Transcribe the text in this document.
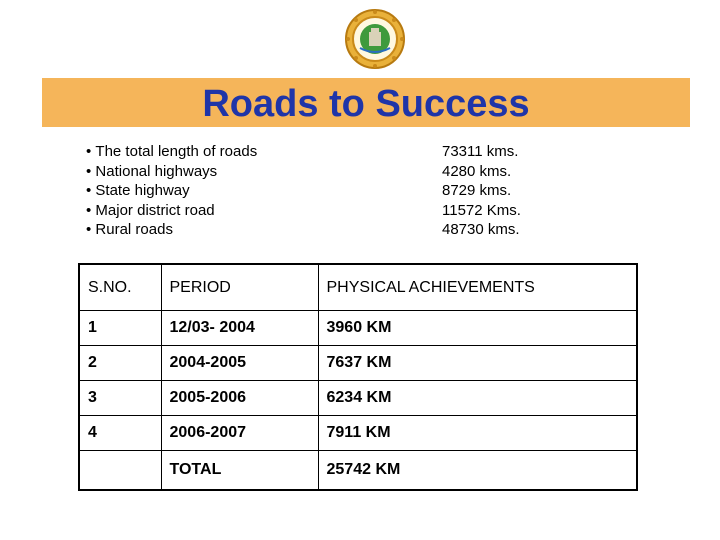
Roads to Success
• The total length of roads	73311 kms.
• National highways	4280 kms.
• State highway	8729 kms.
• Major district road	11572 Kms.
• Rural roads	48730 kms.
S.NO.	PERIOD	PHYSICAL ACHIEVEMENTS
1	12/03- 2004	3960 KM
2	2004-2005	7637 KM
3	2005-2006	6234 KM
4	2006-2007	7911 KM
	TOTAL	25742 KM
